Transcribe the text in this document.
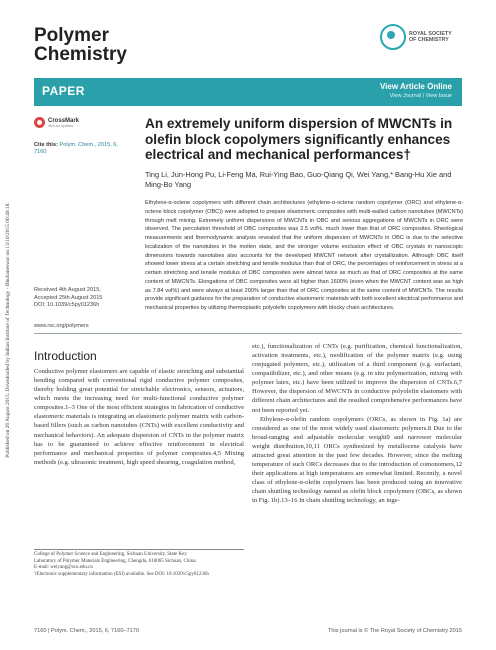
Published on 26 August 2015. Downloaded by Indian Institute of Technology - Bhubaneswar on 13/10/2015 00:49:18.
Polymer
Chemistry
ROYAL SOCIETY
OF CHEMISTRY
PAPER	View Article Online
View Journal | View Issue
CrossMark
click for updates
Cite this: Polym. Chem., 2015, 6, 7160
An extremely uniform dispersion of MWCNTs in olefin block copolymers significantly enhances electrical and mechanical performances†
Ting Li, Jun-Hong Pu, Li-Feng Ma, Rui-Ying Bao, Guo-Qiang Qi, Wei Yang,* Bang-Hu Xie and Ming-Bo Yang

Ethylene-α-octene copolymers with different chain architectures (ethylene-α-octene random copolymer (ORC) and ethylene-α-octene block copolymer (OBC)) were adopted to prepare elastomeric composites with multi-walled carbon nanotubes (MWCNTs) through melt mixing. Extremely uniform dispersions of MWCNTs in OBC and serious aggregations of MWCNTs in ORC were observed. The percolation threshold of OBC composites was 2.5 vol%, much lower than that of ORC composites. Rheological measurements and thermodynamic analysis revealed that the uniform dispersion of MWCNTs in OBC is due to the selective localization of the nanotubes in the molten state, and the stronger volume exclusion effect of OBC crystals in nanoscopic dimensions towards nanotubes also accounts for the developed MWCNT network after crystallization. Although OBC itself showed lower stress at a certain stretching and tensile modulus than that of ORC, the percentages of reinforcement in stress at a certain stretching and tensile modulus of OBC composites were almost twice as much as that of ORC composites at the same content of MWCNTs. Elongations of OBC composites were all higher than 1600% (even when the MWCNT content was as high as 7.84 vol%) and were always at least 200% larger than that of ORC composites at the same content of MWCNTs. The results provide significant guidance for the preparation of conductive elastomeric materials with both excellent electrical performance and mechanical properties by utilizing thermoplastic polyolefin copolymers with blocky chain architectures.

Received 4th August 2015,
Accepted 25th August 2015
DOI: 10.1039/c5py01236h
www.rsc.org/polymers
Introduction

Conductive polymer elastomers are capable of elastic stretching and substantial bending compared with conventional rigid conductive polymer composites, thereby holding great potential for stretchable electronics, sensors, actuators, which meets the increasing need for multi-functional conductive polymer composites.1–3 One of the most efficient strategies in fabrication of conductive elastomeric materials is integrating an elastomeric polymer matrix with carbon-based fillers (such as carbon nanotubes (CNTs) with excellent conductivity and mechanical behaviors). An adequate dispersion of CNTs in the polymer matrix has to be guaranteed to achieve effective reinforcement in electrical performance and mechanical properties of polymer composites.4,5 Mixing methods (e.g. ultrasonic treatment, high speed shearing, coagulation method,

etc.), functionalization of CNTs (e.g. purification, chemical functionalization, activation treatments, etc.), modification of the polymer matrix (e.g. using conjugated polymers, etc.), utilization of a third component (e.g. surfactant, compatibilizer, etc.), and other means (e.g. in situ polymerization, mixing with polymer latex, etc.) have been utilized to improve the dispersion of CNTs.6,7 However, the dispersion of MWCNTs in conductive polyolefin elastomers with different chain architectures and the resulted comprehensive performances have not been reported yet.

Ethylene-α-olefin random copolymers (ORCs, as shown in Fig. 1a) are considered as one of the most widely used elastomeric polymers.8 Due to the broad-ranging and adjustable molecular weight9 and narrower molecular weight distribution,10,11 ORCs synthesized by metallocene catalysts have attracted great attention in the past few decades. However, since the melting temperature of such ORCs decreases due to the introduction of comonomers,12 their applications at high temperatures are somewhat limited. Recently, a novel class of ethylene-α-olefin copolymers has been produced using an innovative chain shuttling technology named as olefin block copolymers (OBCs, as shown in Fig. 1b).13–16 In chain shuttling technology, an inge-

College of Polymer Science and Engineering, Sichuan University, State Key
Laboratory of Polymer Materials Engineering, Chengdu, 610065 Sichuan, China.
E-mail: weiyang@scu.edu.cn
†Electronic supplementary information (ESI) available. See DOI: 10.1039/c5py01236h
7160 | Polym. Chem., 2015, 6, 7160–7170	This journal is © The Royal Society of Chemistry 2015
